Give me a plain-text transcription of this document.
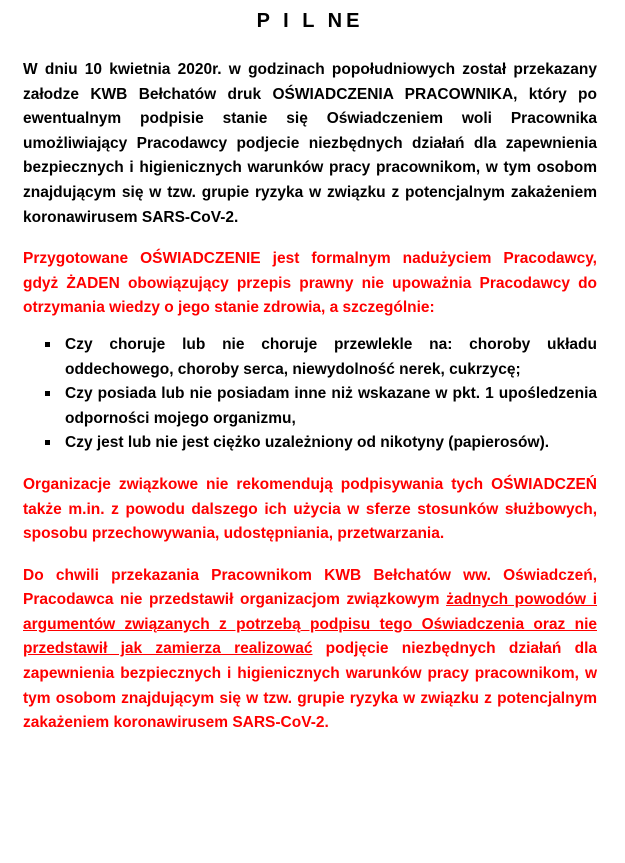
P I L NE

W dniu 10 kwietnia 2020r. w godzinach popołudniowych został przekazany załodze KWB Bełchatów druk OŚWIADCZENIA PRACOWNIKA, który po ewentualnym podpisie stanie się Oświadczeniem woli Pracownika umożliwiający Pracodawcy podjecie niezbędnych działań dla zapewnienia bezpiecznych i higienicznych warunków pracy pracownikom, w tym osobom znajdującym się w tzw. grupie ryzyka w związku z potencjalnym zakażeniem koronawirusem SARS-CoV-2.

Przygotowane OŚWIADCZENIE jest formalnym nadużyciem Pracodawcy, gdyż ŻADEN obowiązujący przepis prawny nie upoważnia Pracodawcy do otrzymania wiedzy o jego stanie zdrowia, a szczególnie:

Czy choruje lub nie choruje przewlekle na: choroby układu oddechowego, choroby serca, niewydolność nerek, cukrzycę;
Czy posiada lub nie posiadam inne niż wskazane w pkt. 1 upośledzenia odporności mojego organizmu,
Czy jest lub nie jest ciężko uzależniony od nikotyny (papierosów).

Organizacje związkowe nie rekomendują podpisywania tych OŚWIADCZEŃ także m.in. z powodu dalszego ich użycia w sferze stosunków służbowych, sposobu przechowywania, udostępniania, przetwarzania.

Do chwili przekazania Pracownikom KWB Bełchatów ww. Oświadczeń, Pracodawca nie przedstawił organizacjom związkowym żadnych powodów i argumentów związanych z potrzebą podpisu tego Oświadczenia oraz nie przedstawił jak zamierza realizować podjęcie niezbędnych działań dla zapewnienia bezpiecznych i higienicznych warunków pracy pracownikom, w tym osobom znajdującym się w tzw. grupie ryzyka w związku z potencjalnym zakażeniem koronawirusem SARS-CoV-2.
